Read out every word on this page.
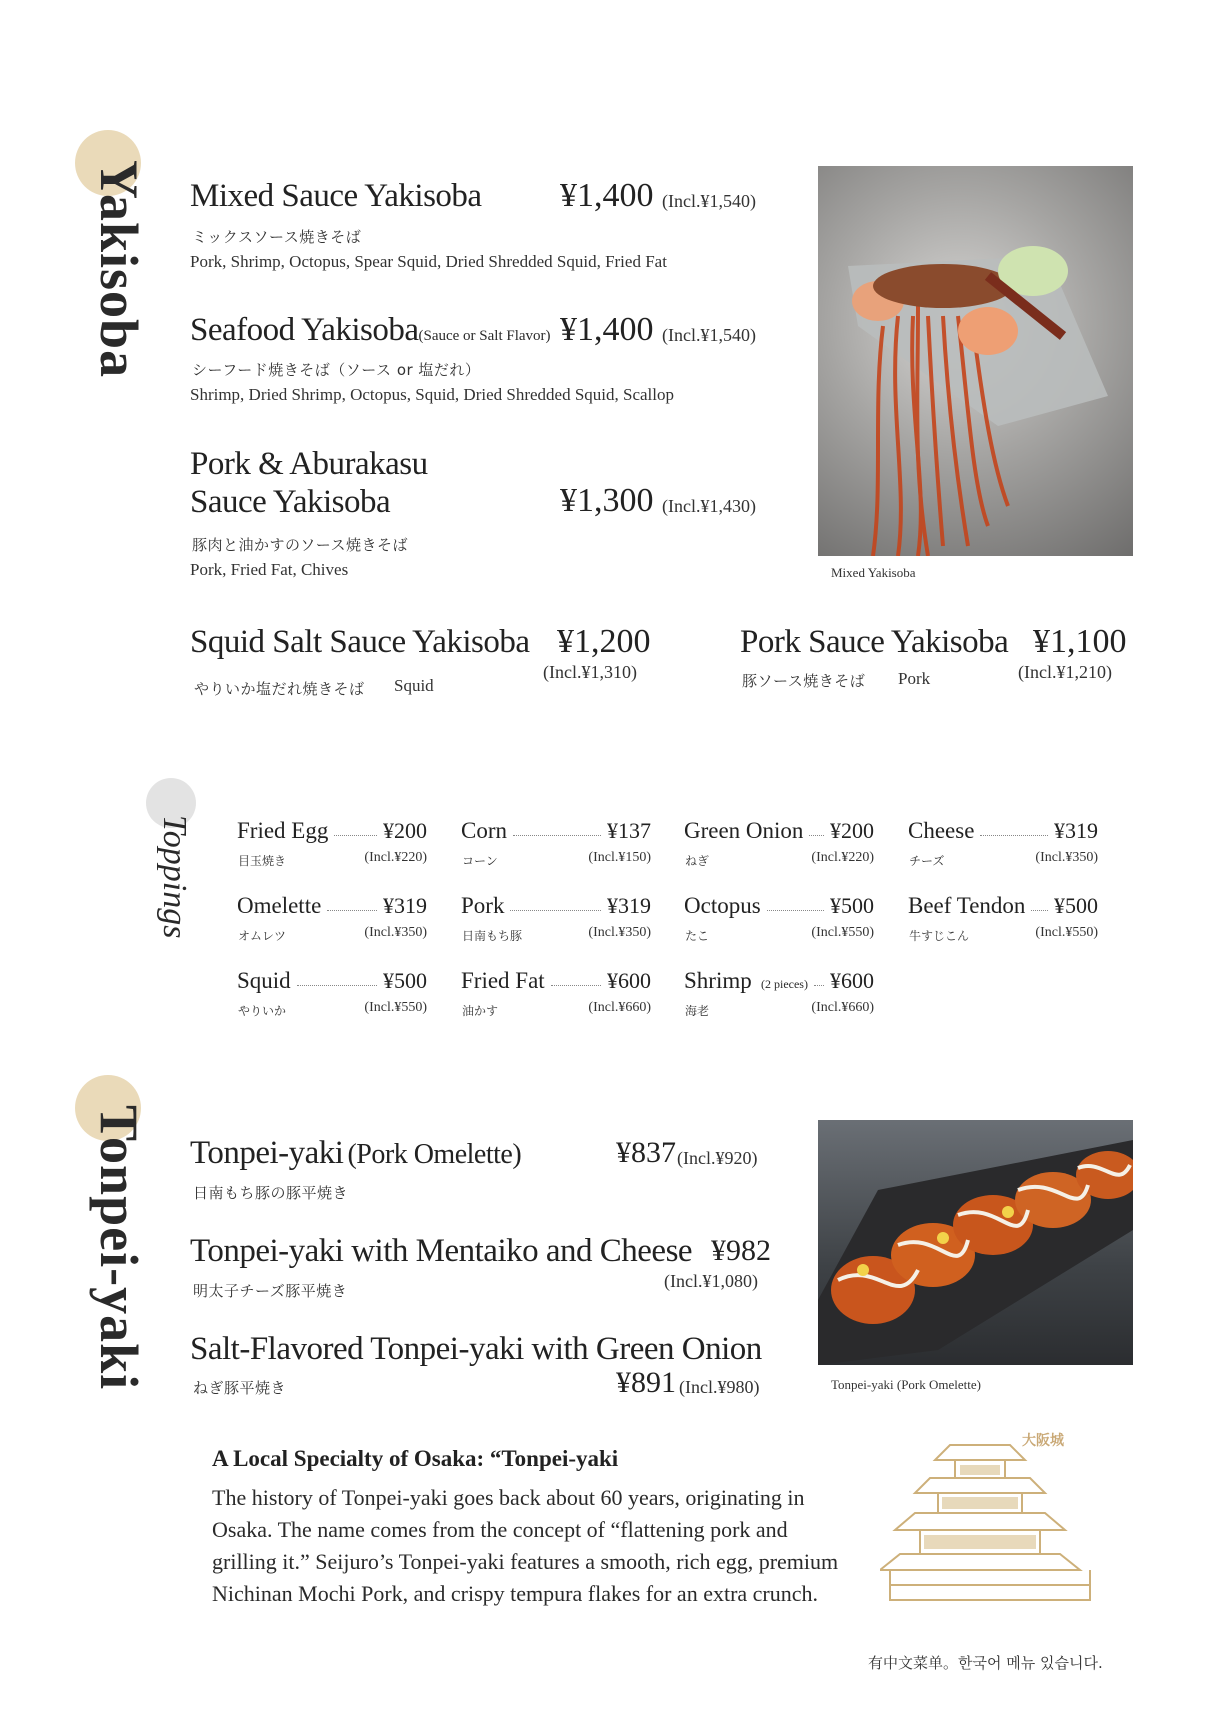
Yakisoba Mixed Sauce Yakisoba ¥1,400 (Incl.¥1,540)
ミックスソース焼きそば
Pork, Shrimp, Octopus, Spear Squid, Dried Shredded Squid, Fried Fat
Seafood Yakisoba(Sauce or Salt Flavor) ¥1,400 (Incl.¥1,540)
シーフード焼きそば（ソース or 塩だれ）
Shrimp, Dried Shrimp, Octopus, Squid, Dried Shredded Squid, Scallop
Pork & Aburakasu
Sauce Yakisoba	¥1,300 (Incl.¥1,430)
豚肉と油かすのソース焼きそば
Pork, Fried Fat, Chives	Mixed Yakisoba
Squid Salt Sauce Yakisoba ¥1,200
(Incl.¥1,310)
やりいか塩だれ焼きそば Squid
Pork Sauce Yakisoba ¥1,100
(Incl.¥1,210)
豚ソース焼きそば Pork
Toppings Fried Egg ¥200
目玉焼き	(Incl.¥220)
Corn	¥137
コーン	(Incl.¥150)
Green Onion ¥200
ねぎ	(Incl.¥220)
Cheese	¥319
チーズ	(Incl.¥350)
Omelette	¥319
オムレツ	(Incl.¥350)
Pork	¥319
日南もち豚	(Incl.¥350)
Octopus	¥500
たこ	(Incl.¥550)
Beef Tendon ¥500
牛すじこん	(Incl.¥550)
Squid	¥500
やりいか	(Incl.¥550)
Fried Fat	¥600
油かす	(Incl.¥660)
Shrimp (2 pieces) ¥600
海老	(Incl.¥660)
Tonpei-yaki Tonpei-yaki (Pork Omelette)	¥837 (Incl.¥920)
日南もち豚の豚平焼き
Tonpei-yaki with Mentaiko and Cheese ¥982
(Incl.¥1,080)
明太子チーズ豚平焼き
Salt-Flavored Tonpei-yaki with Green Onion
¥891 (Incl.¥980)
ねぎ豚平焼き	Tonpei-yaki (Pork Omelette)
A Local Specialty of Osaka: “Tonpei-yaki
The history of Tonpei-yaki goes back about 60 years, originating in
Osaka. The name comes from the concept of “flattening pork and
grilling it.” Seijuro’s Tonpei-yaki features a smooth, rich egg, premium
Nichinan Mochi Pork, and crispy tempura flakes for an extra crunch.
大阪城
有中文菜单。한국어 메뉴 있습니다.
